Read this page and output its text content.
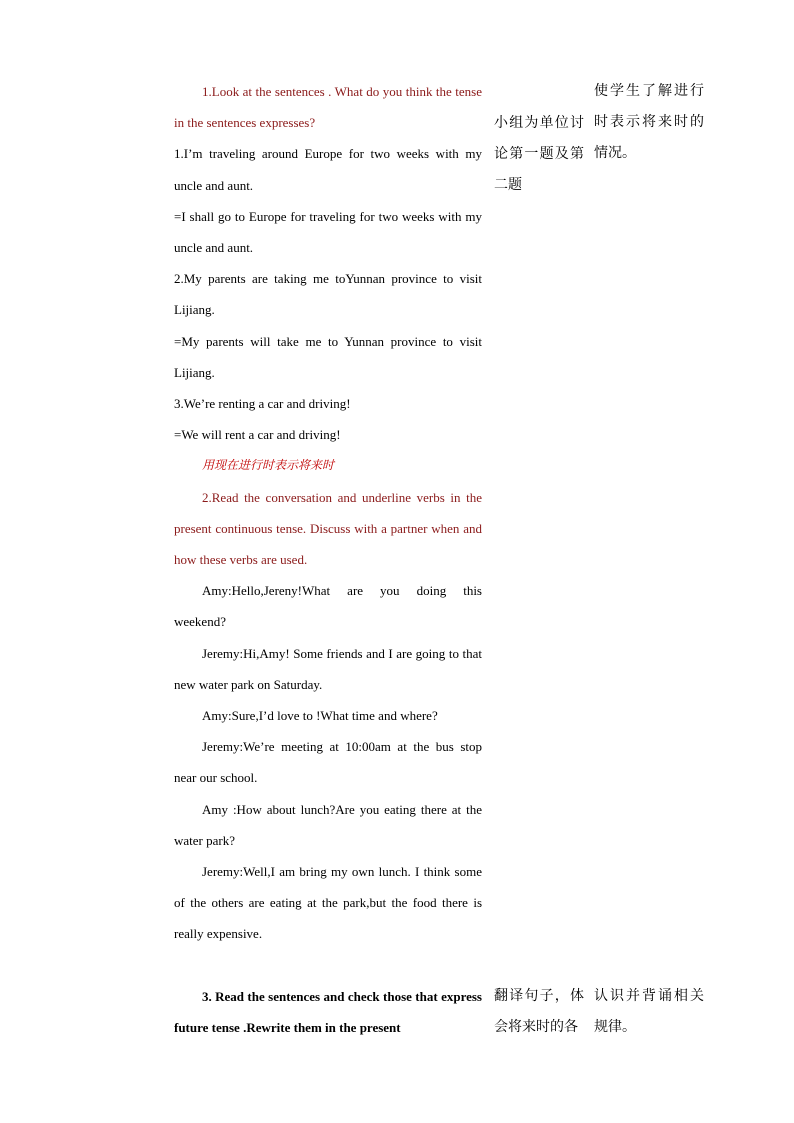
1.Look at the sentences . What do you think the tense in the sentences expresses?

1.I’m traveling around Europe for two weeks with my uncle and aunt.

=I shall go to Europe for traveling for two weeks with my uncle and aunt.

2.My parents are taking me toYunnan province to visit Lijiang.

=My parents will take me to Yunnan province to visit Lijiang.

3.We’re renting a car and driving!

=We will rent a car and driving!

用现在进行时表示将来时

2.Read the conversation and underline verbs in the present continuous tense. Discuss with a partner when and how these verbs are used.

Amy:Hello,Jereny!What are you doing this weekend?

Jeremy:Hi,Amy! Some friends and I are going to that new water park on Saturday.

Amy:Sure,I’d love to !What time and where?

Jeremy:We’re meeting at 10:00am at the bus stop near our school.

Amy :How about lunch?Are you eating there at the water park?

Jeremy:Well,I am bring my own lunch. I think some of the others are eating at the park,but the food there is really expensive.

小组为单位讨论第一题及第二题

使学生了解进行时表示将来时的情况。

3. Read the sentences and check those that express future tense .Rewrite them in the present

翻译句子，体会将来时的各

认识并背诵相关规律。
